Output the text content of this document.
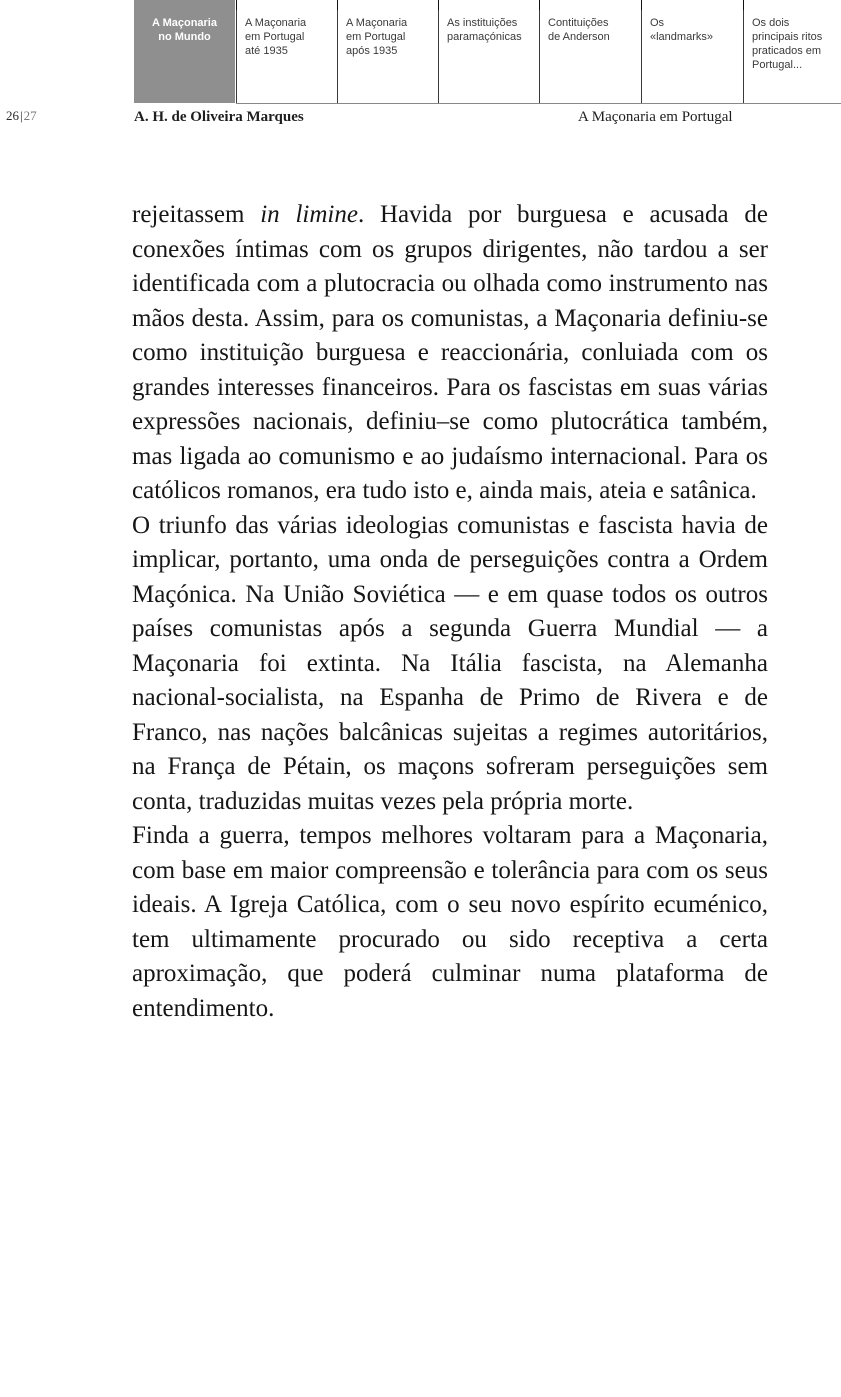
A Maçonaria
no Mundo
A Maçonaria
em Portugal
até 1935
A Maçonaria
em Portugal
após 1935
As instituições
paramaçónicas
Contituições
de Anderson
Os
«landmarks»
Os dois
principais ritos
praticados em
Portugal...
26|27	A. H. de Oliveira Marques	A Maçonaria em Portugal

rejeitassem in limine. Havida por burguesa e acusada de conexões íntimas com os grupos dirigentes, não tardou a ser identificada com a plutocracia ou olhada como instrumento nas mãos desta. Assim, para os comunistas, a Maçonaria definiu-se como instituição burguesa e reaccionária, conluiada com os grandes interesses financeiros. Para os fascistas em suas várias expressões nacionais, definiu–se como plutocrática também, mas ligada ao comunismo e ao judaísmo internacional. Para os católicos romanos, era tudo isto e, ainda mais, ateia e satânica.

O triunfo das várias ideologias comunistas e fascista havia de implicar, portanto, uma onda de perseguições contra a Ordem Maçónica. Na União Soviética — e em quase todos os outros países comunistas após a segunda Guerra Mundial — a Maçonaria foi extinta. Na Itália fascista, na Alemanha nacional-socialista, na Espanha de Primo de Rivera e de Franco, nas nações balcânicas sujeitas a regimes autoritários, na França de Pétain, os maçons sofreram perseguições sem conta, traduzidas muitas vezes pela própria morte.

Finda a guerra, tempos melhores voltaram para a Maçonaria, com base em maior compreensão e tolerância para com os seus ideais. A Igreja Católica, com o seu novo espírito ecuménico, tem ultimamente procurado ou sido receptiva a certa aproximação, que poderá culminar numa plataforma de entendimento.
